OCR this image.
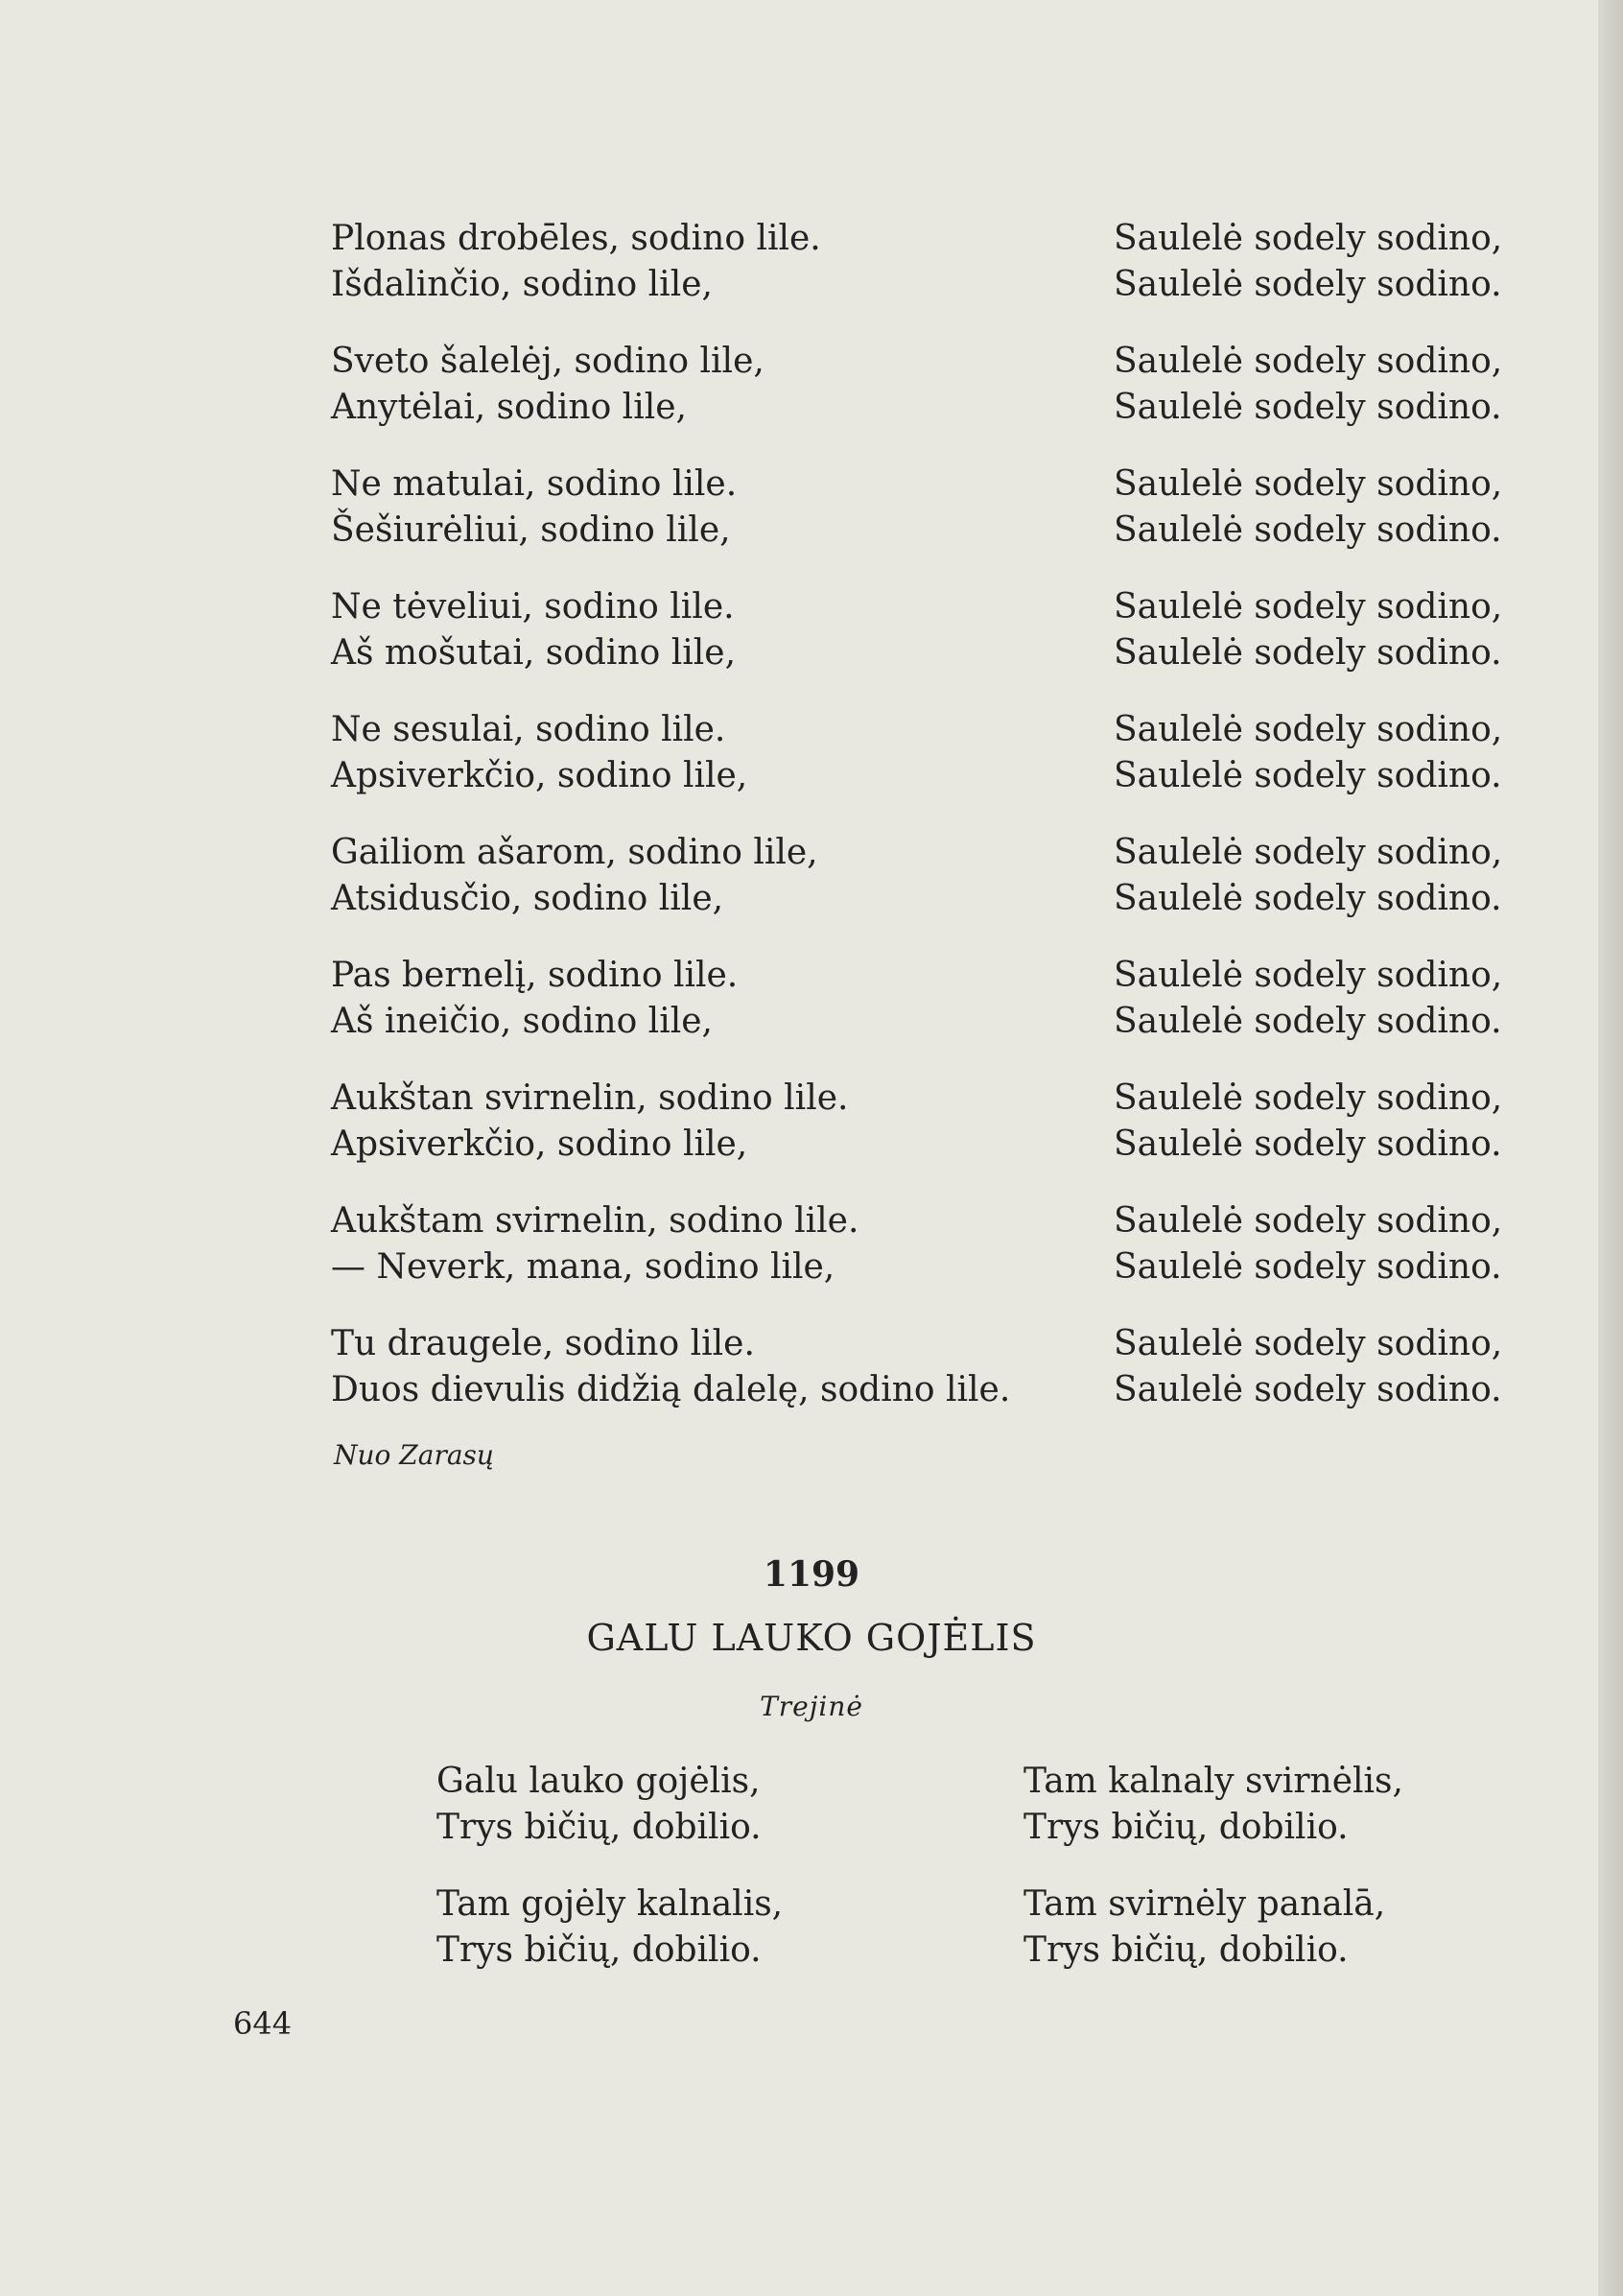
Plonas drobēles, sodino lile.
Išdalinčio, sodino lile,
Saulelė sodely sodino,
Saulelė sodely sodino.
Sveto šalelėj, sodino lile,
Anytėlai, sodino lile,
Saulelė sodely sodino,
Saulelė sodely sodino.
Ne matulai, sodino lile.
Šešiurėliui, sodino lile,
Saulelė sodely sodino,
Saulelė sodely sodino.
Ne tėveliui, sodino lile.
Aš mošutai, sodino lile,
Saulelė sodely sodino,
Saulelė sodely sodino.
Ne sesulai, sodino lile.
Apsiverkčio, sodino lile,
Saulelė sodely sodino,
Saulelė sodely sodino.
Gailiom ašarom, sodino lile,
Atsidusčio, sodino lile,
Saulelė sodely sodino,
Saulelė sodely sodino.
Pas bernelį, sodino lile.
Aš ineičio, sodino lile,
Saulelė sodely sodino,
Saulelė sodely sodino.
Aukštan svirnelin, sodino lile.
Apsiverkčio, sodino lile,
Saulelė sodely sodino,
Saulelė sodely sodino.
Aukštam svirnelin, sodino lile.
— Neverk, mana, sodino lile,
Saulelė sodely sodino,
Saulelė sodely sodino.
Tu draugele, sodino lile.
Duos dievulis didžią dalelę, sodino lile.
Saulelė sodely sodino,
Saulelė sodely sodino.
Nuo Zarasų
1199
GALU LAUKO GOJĖLIS
Trejinė
Galu lauko gojėlis,
Trys bičių, dobilio.
Tam kalnaly svirnėlis,
Trys bičių, dobilio.
Tam gojėly kalnalis,
Trys bičių, dobilio.
Tam svirnėly panalā,
Trys bičių, dobilio.
644
